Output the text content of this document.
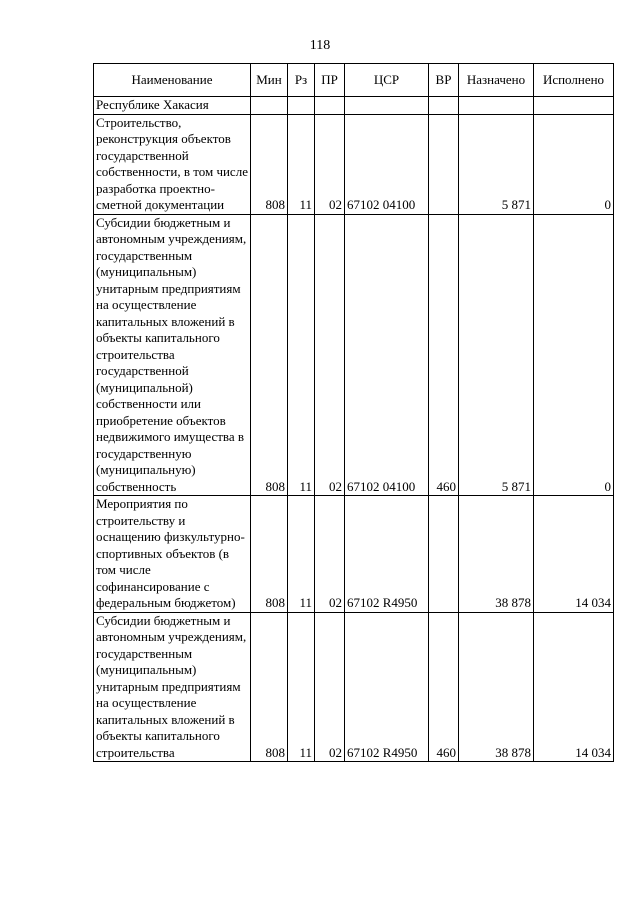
118
Наименование	Мин	Рз	ПР	ЦСР	ВР	Назначено	Исполнено
Республике Хакасия							
Строительство, реконструкция объектов государственной собственности, в том числе разработка проектно-сметной документации	808	11	02	67102 04100		5 871	0
Субсидии бюджетным и автономным учреждениям, государственным (муниципальным) унитарным предприятиям на осуществление капитальных вложений в объекты капитального строительства государственной (муниципальной) собственности или приобретение объектов недвижимого имущества в государственную (муниципальную) собственность	808	11	02	67102 04100	460	5 871	0
Мероприятия по строительству и оснащению физкультурно-спортивных объектов (в том числе софинансирование с федеральным бюджетом)	808	11	02	67102 R4950		38 878	14 034
Субсидии бюджетным и автономным учреждениям, государственным (муниципальным) унитарным предприятиям на осуществление капитальных вложений в объекты капитального строительства	808	11	02	67102 R4950	460	38 878	14 034
